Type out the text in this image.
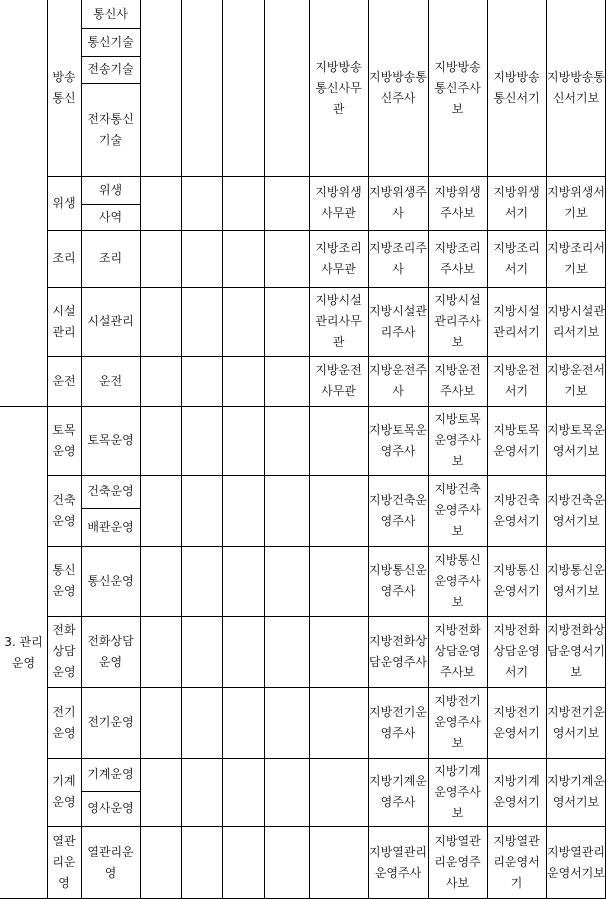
3. 관리운영
방송통신
통신사
통신기술
전송기술
전자통신기술
지방방송통신사무관
지방방송통신주사
지방방송통신주사보
지방방송통신서기
지방방송통신서기보
위생
위생
사역
지방위생사무관
지방위생주사
지방위생주사보
지방위생서기
지방위생서기보
조리	조리
지방조리사무관
지방조리주사
지방조리주사보
지방조리서기
지방조리서기보
시설관리
시설관리
지방시설관리사무관
지방시설관리주사
지방시설관리주사보
지방시설관리서기
지방시설관리서기보
운전	운전
지방운전사무관
지방운전주사
지방운전주사보
지방운전서기
지방운전서기보
토목운영
토목운영
지방토목운영주사
지방토목운영주사보
지방토목운영서기
지방토목운영서기보
건축운영
건축운영
배관운영
지방건축운영주사
지방건축운영주사보
지방건축운영서기
지방건축운영서기보
통신운영
통신운영
지방통신운영주사
지방통신운영주사보
지방통신운영서기
지방통신운영서기보
전화상담운영
전화상담운영
지방전화상담운영주사
지방전화상담운영주사보
지방전화상담운영서기
지방전화상담운영서기보
전기운영
전기운영
지방전기운영주사
지방전기운영주사보
지방전기운영서기
지방전기운영서기보
기계운영
기계운영
영사운영
지방기계운영주사
지방기계운영주사보
지방기계운영서기
지방기계운영서기보
열관리운영
열관리운영
지방열관리운영주사
지방열관리운영주사보
지방열관리운영서기
지방열관리운영서기보
